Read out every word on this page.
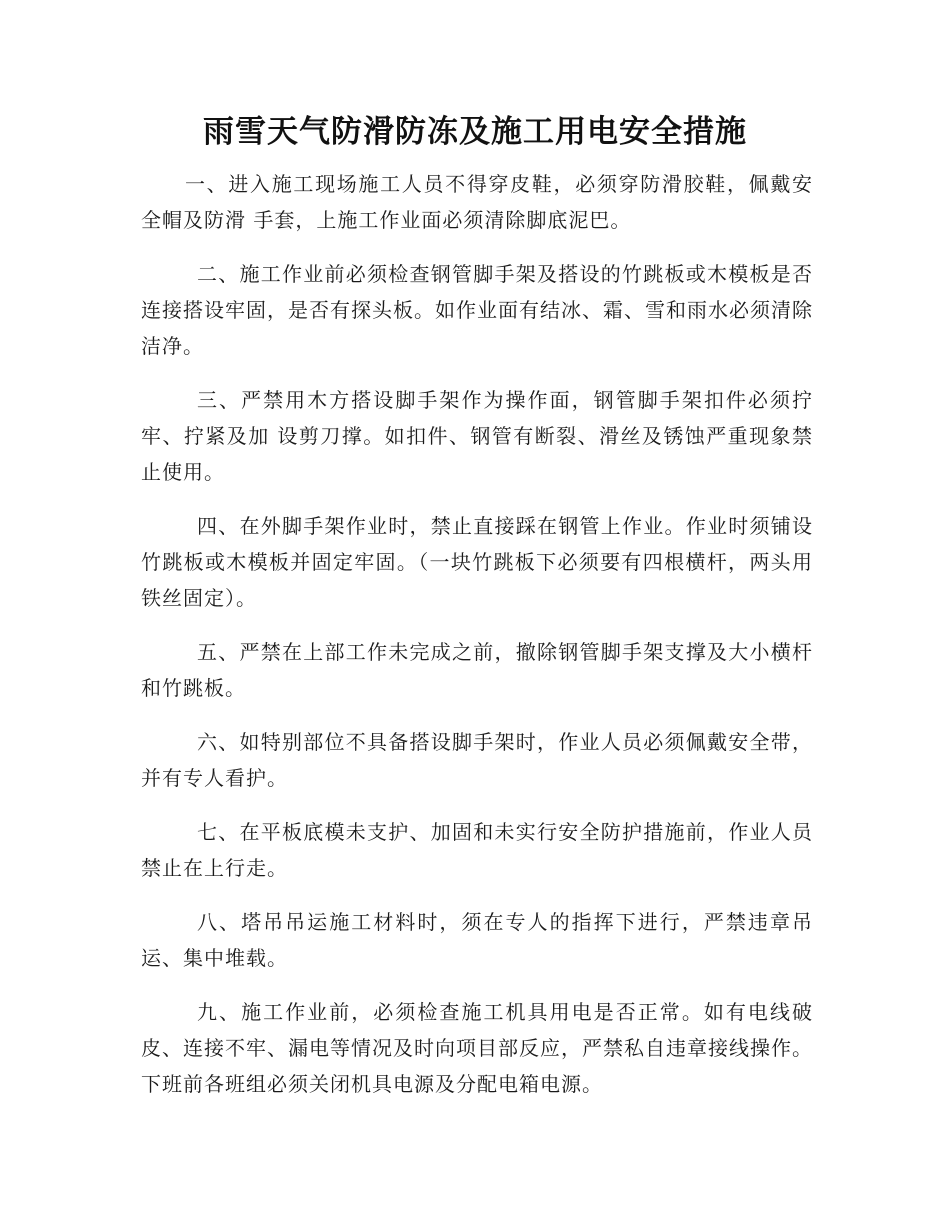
雨雪天气防滑防冻及施工用电安全措施
一、进入施工现场施工人员不得穿皮鞋，必须穿防滑胶鞋，佩戴安全帽及防滑 手套，上施工作业面必须清除脚底泥巴。
二、施工作业前必须检查钢管脚手架及搭设的竹跳板或木模板是否连接搭设牢固，是否有探头板。如作业面有结冰、霜、雪和雨水必须清除洁净。
三、严禁用木方搭设脚手架作为操作面，钢管脚手架扣件必须拧牢、拧紧及加 设剪刀撑。如扣件、钢管有断裂、滑丝及锈蚀严重现象禁止使用。
四、在外脚手架作业时，禁止直接踩在钢管上作业。作业时须铺设竹跳板或木模板并固定牢固。（一块竹跳板下必须要有四根横杆，两头用铁丝固定）。
五、严禁在上部工作未完成之前，撤除钢管脚手架支撑及大小横杆和竹跳板。
六、如特别部位不具备搭设脚手架时，作业人员必须佩戴安全带，并有专人看护。
七、在平板底模未支护、加固和未实行安全防护措施前，作业人员禁止在上行走。
八、塔吊吊运施工材料时，须在专人的指挥下进行，严禁违章吊运、集中堆载。
九、施工作业前，必须检查施工机具用电是否正常。如有电线破皮、连接不牢、漏电等情况及时向项目部反应，严禁私自违章接线操作。下班前各班组必须关闭机具电源及分配电箱电源。
